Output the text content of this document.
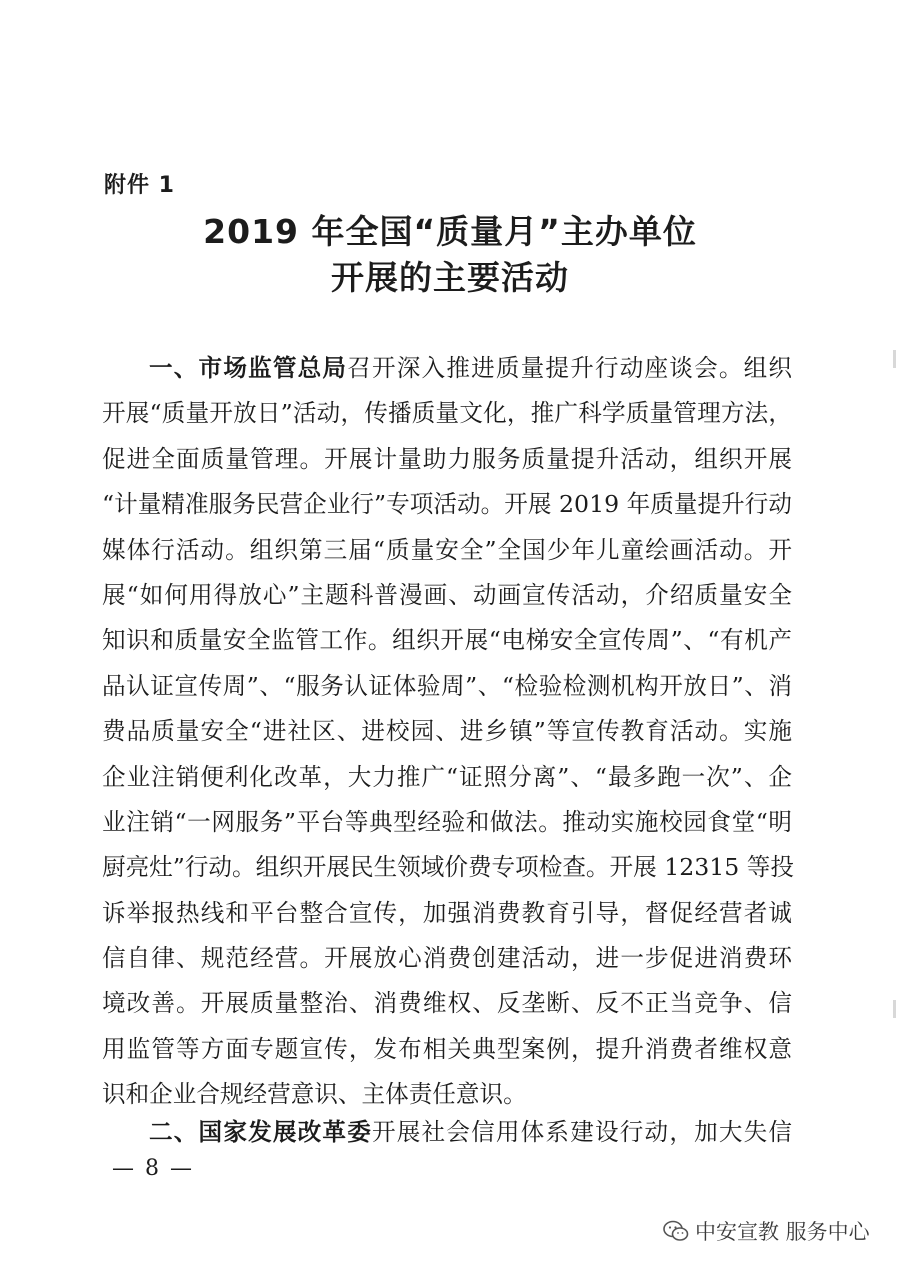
附件 1
2019 年全国“质量月”主办单位
开展的主要活动
一、市场监管总局召开深入推进质量提升行动座谈会。组织
开展“质量开放日”活动，传播质量文化，推广科学质量管理方法，
促进全面质量管理。开展计量助力服务质量提升活动，组织开展
“计量精准服务民营企业行”专项活动。开展 2019 年质量提升行动
媒体行活动。组织第三届“质量安全”全国少年儿童绘画活动。开
展“如何用得放心”主题科普漫画、动画宣传活动，介绍质量安全
知识和质量安全监管工作。组织开展“电梯安全宣传周”、“有机产
品认证宣传周”、“服务认证体验周”、“检验检测机构开放日”、消
费品质量安全“进社区、进校园、进乡镇”等宣传教育活动。实施
企业注销便利化改革，大力推广“证照分离”、“最多跑一次”、企
业注销“一网服务”平台等典型经验和做法。推动实施校园食堂“明
厨亮灶”行动。组织开展民生领域价费专项检查。开展 12315 等投
诉举报热线和平台整合宣传，加强消费教育引导，督促经营者诚
信自律、规范经营。开展放心消费创建活动，进一步促进消费环
境改善。开展质量整治、消费维权、反垄断、反不正当竞争、信
用监管等方面专题宣传，发布相关典型案例，提升消费者维权意
识和企业合规经营意识、主体责任意识。
二、国家发展改革委开展社会信用体系建设行动，加大失信
— 8 —
中安宣教 服务中心
